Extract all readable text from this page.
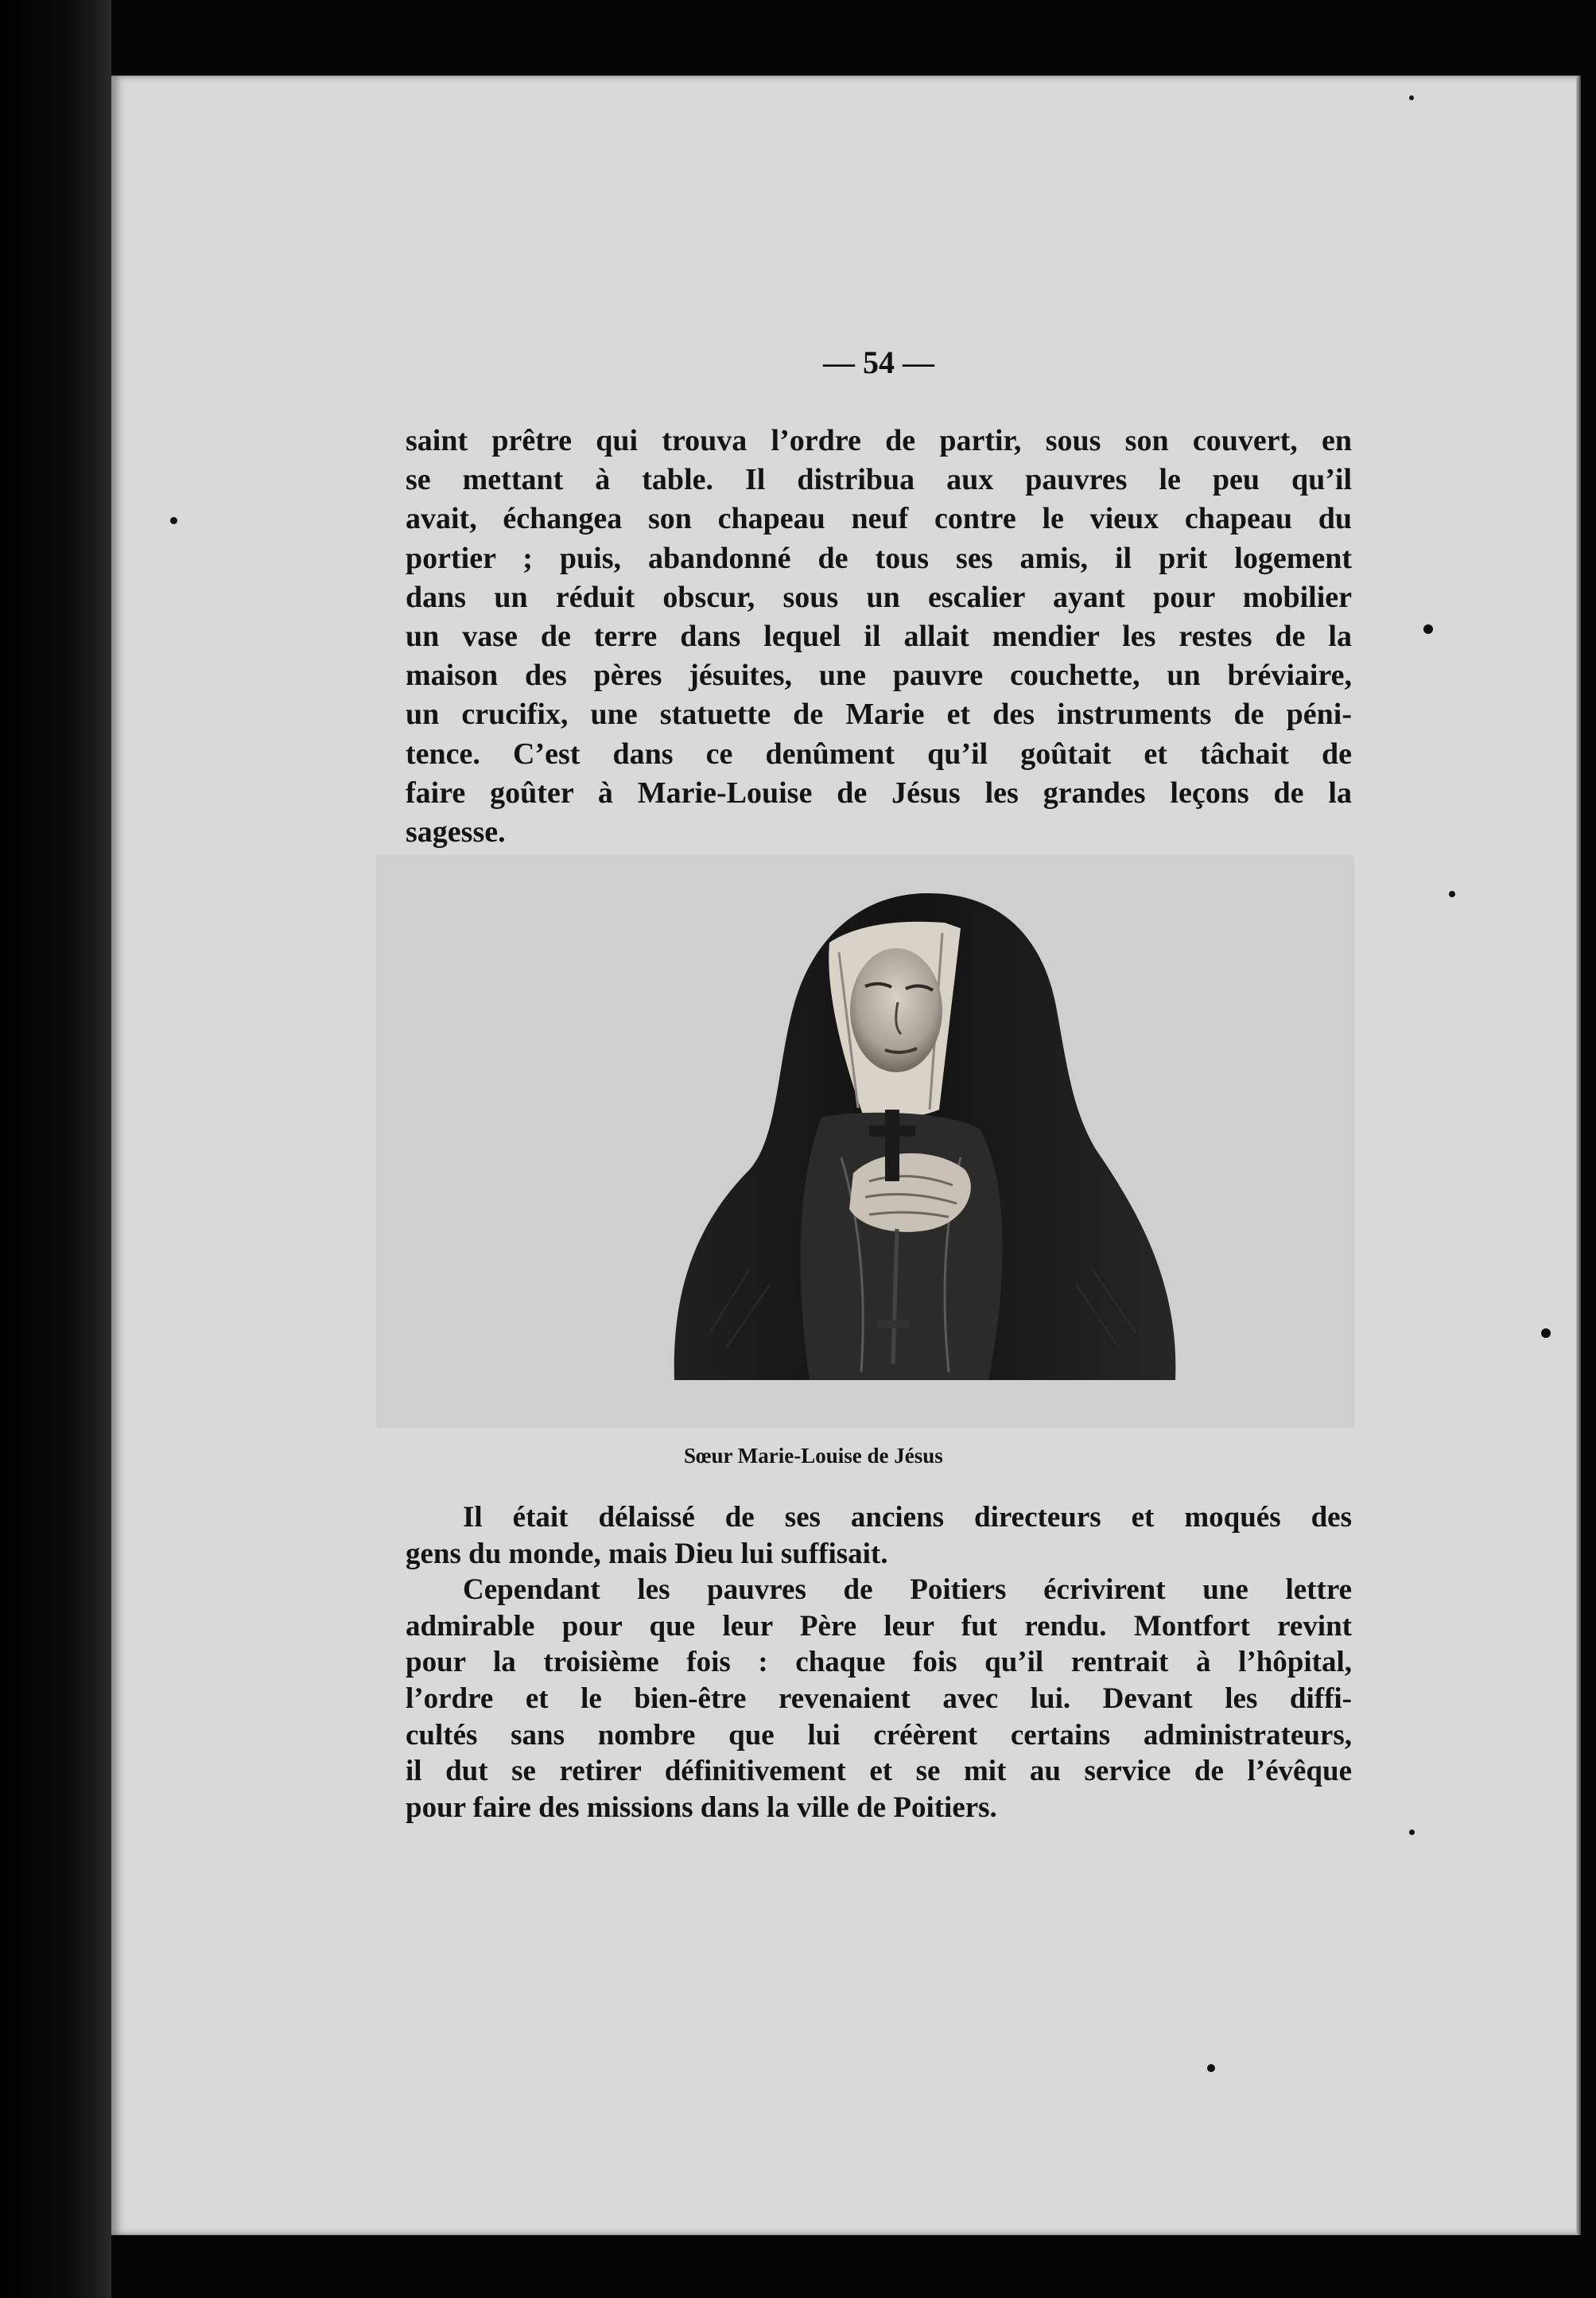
— 54 —
saint prêtre qui trouva l’ordre de partir, sous son couvert, en
se mettant à table. Il distribua aux pauvres le peu qu’il
avait, échangea son chapeau neuf contre le vieux chapeau du
portier ; puis, abandonné de tous ses amis, il prit logement
dans un réduit obscur, sous un escalier ayant pour mobilier
un vase de terre dans lequel il allait mendier les restes de la
maison des pères jésuites, une pauvre couchette, un bréviaire,
un crucifix, une statuette de Marie et des instruments de péni-
tence. C’est dans ce denûment qu’il goûtait et tâchait de
faire goûter à Marie-Louise de Jésus les grandes leçons de la
sagesse.
Sœur Marie-Louise de Jésus
Il était délaissé de ses anciens directeurs et moqués des
gens du monde, mais Dieu lui suffisait.
Cependant les pauvres de Poitiers écrivirent une lettre
admirable pour que leur Père leur fut rendu. Montfort revint
pour la troisième fois : chaque fois qu’il rentrait à l’hôpital,
l’ordre et le bien-être revenaient avec lui. Devant les diffi-
cultés sans nombre que lui créèrent certains administrateurs,
il dut se retirer définitivement et se mit au service de l’évêque
pour faire des missions dans la ville de Poitiers.
